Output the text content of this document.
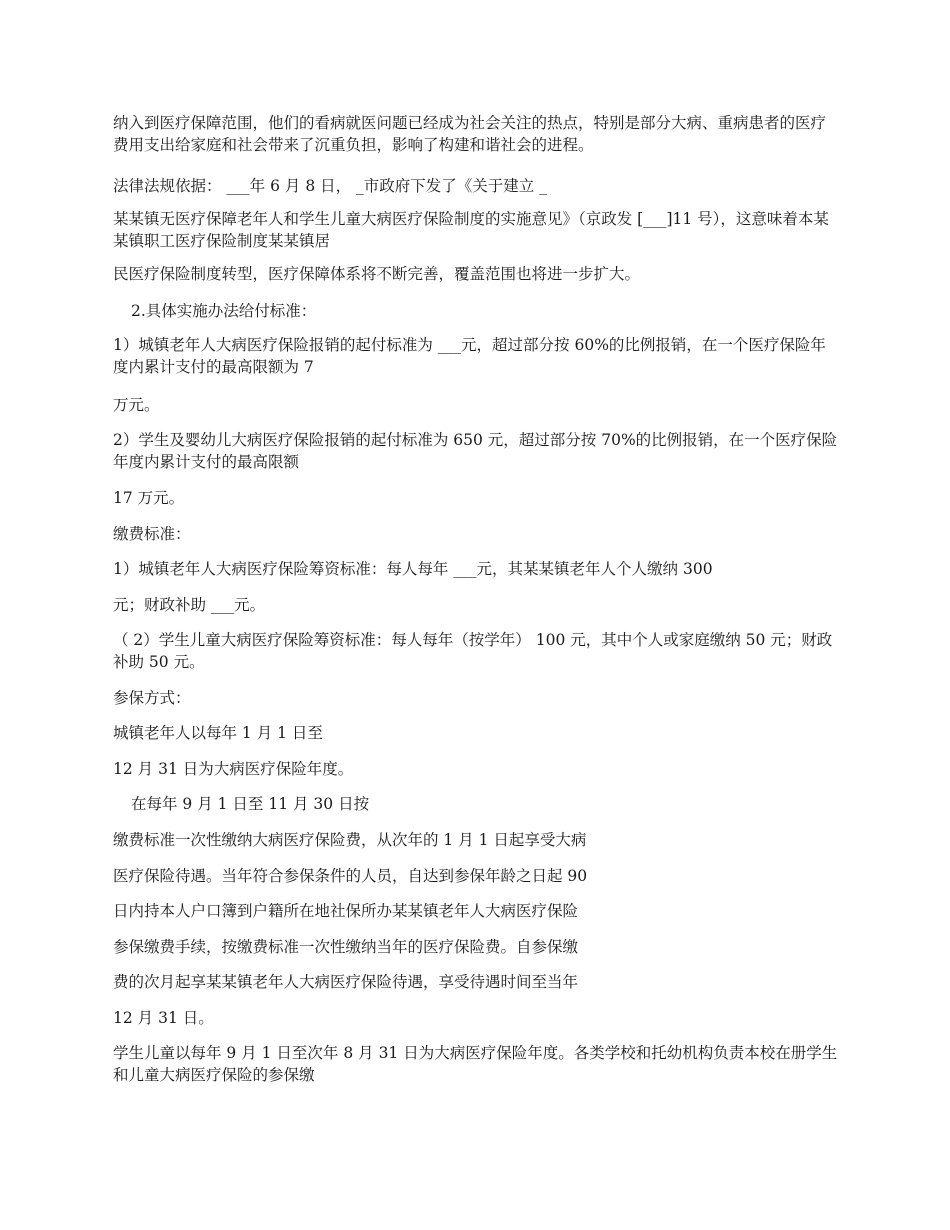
纳入到医疗保障范围，他们的看病就医问题已经成为社会关注的热点，特别是部分大病、重病患者的医疗费用支出给家庭和社会带来了沉重负担，影响了构建和谐社会的进程。

法律法规依据： ___年 6 月 8 日， _市政府下发了《关于建立 _

某某镇无医疗保障老年人和学生儿童大病医疗保险制度的实施意见》（京政发 [___]11 号），这意味着本某某镇职工医疗保险制度某某镇居

民医疗保险制度转型，医疗保障体系将不断完善，覆盖范围也将进一步扩大。

2.具体实施办法给付标准：

1）城镇老年人大病医疗保险报销的起付标准为 ___元，超过部分按 60%的比例报销，在一个医疗保险年度内累计支付的最高限额为 7

万元。

2）学生及婴幼儿大病医疗保险报销的起付标准为 650 元，超过部分按 70%的比例报销，在一个医疗保险年度内累计支付的最高限额

17 万元。

缴费标准：

1）城镇老年人大病医疗保险筹资标准：每人每年 ___元，其某某镇老年人个人缴纳 300

元；财政补助 ___元。

（ 2）学生儿童大病医疗保险筹资标准：每人每年（按学年） 100 元，其中个人或家庭缴纳 50 元；财政补助 50 元。

参保方式：

城镇老年人以每年 1 月 1 日至

12 月 31 日为大病医疗保险年度。

在每年 9 月 1 日至 11 月 30 日按

缴费标准一次性缴纳大病医疗保险费，从次年的 1 月 1 日起享受大病

医疗保险待遇。当年符合参保条件的人员，自达到参保年龄之日起 90

日内持本人户口簿到户籍所在地社保所办某某镇老年人大病医疗保险

参保缴费手续，按缴费标准一次性缴纳当年的医疗保险费。自参保缴

费的次月起享某某镇老年人大病医疗保险待遇，享受待遇时间至当年

12 月 31 日。

学生儿童以每年 9 月 1 日至次年 8 月 31 日为大病医疗保险年度。各类学校和托幼机构负责本校在册学生和儿童大病医疗保险的参保缴
